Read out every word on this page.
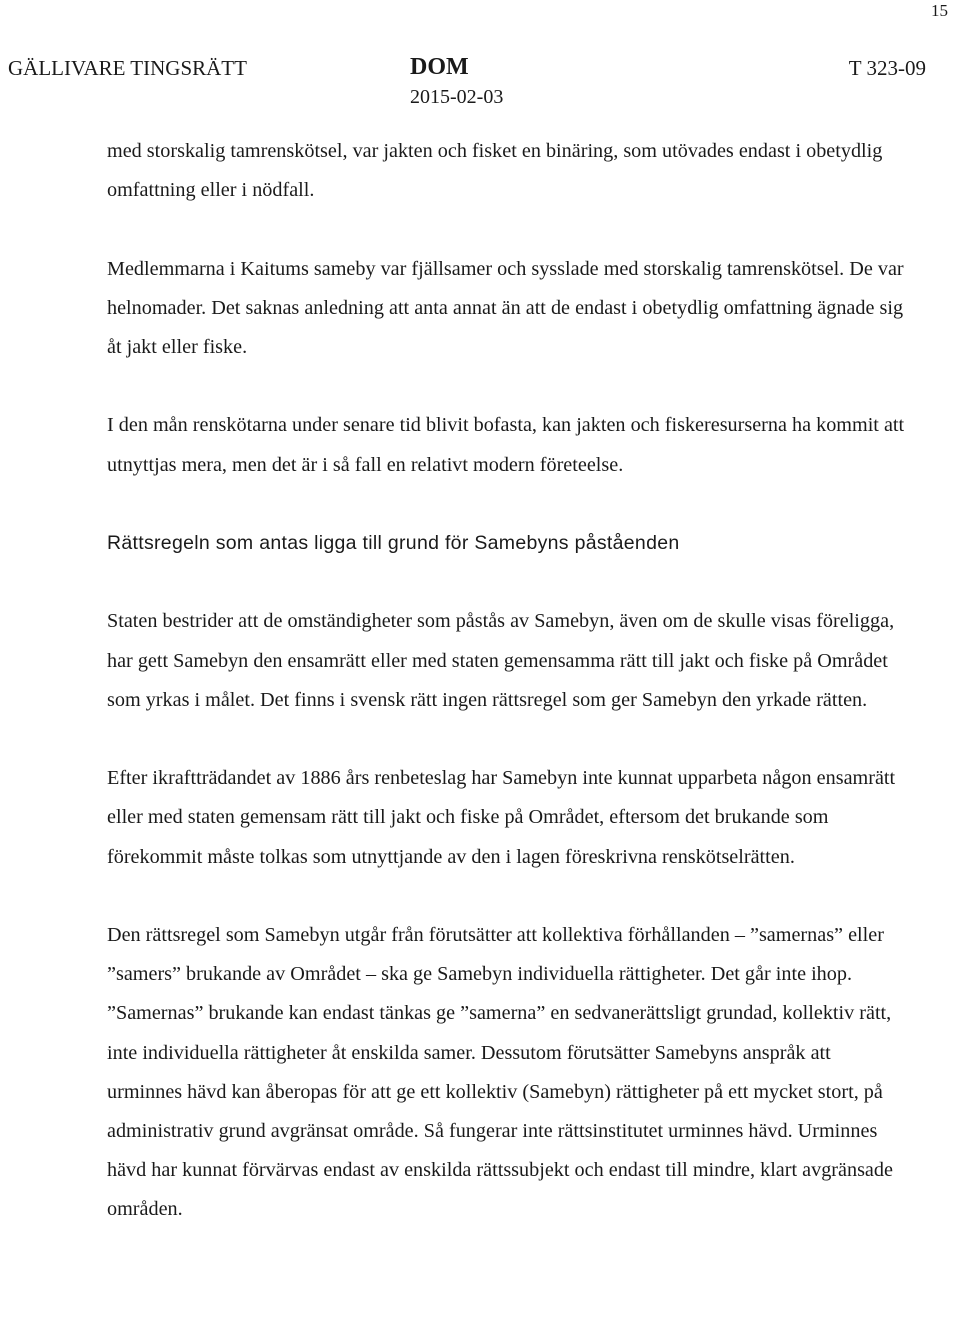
15
GÄLLIVARE TINGSRÄTT	DOM
2015-02-03
T 323-09

med storskalig tamrenskötsel, var jakten och fisket en binäring, som utövades endast i obetydlig omfattning eller i nödfall.

Medlemmarna i Kaitums sameby var fjällsamer och sysslade med storskalig tamrenskötsel. De var helnomader. Det saknas anledning att anta annat än att de endast i obetydlig omfattning ägnade sig åt jakt eller fiske.

I den mån renskötarna under senare tid blivit bofasta, kan jakten och fiskeresurserna ha kommit att utnyttjas mera, men det är i så fall en relativt modern företeelse.

Rättsregeln som antas ligga till grund för Samebyns påståenden

Staten bestrider att de omständigheter som påstås av Samebyn, även om de skulle visas föreligga, har gett Samebyn den ensamrätt eller med staten gemensamma rätt till jakt och fiske på Området som yrkas i målet. Det finns i svensk rätt ingen rättsregel som ger Samebyn den yrkade rätten.

Efter ikraftträdandet av 1886 års renbeteslag har Samebyn inte kunnat upparbeta någon ensamrätt eller med staten gemensam rätt till jakt och fiske på Området, eftersom det brukande som förekommit måste tolkas som utnyttjande av den i lagen föreskrivna renskötselrätten.

Den rättsregel som Samebyn utgår från förutsätter att kollektiva förhållanden – ”samernas” eller ”samers” brukande av Området – ska ge Samebyn individuella rättigheter. Det går inte ihop. ”Samernas” brukande kan endast tänkas ge ”samerna” en sedvanerättsligt grundad, kollektiv rätt, inte individuella rättigheter åt enskilda samer. Dessutom förutsätter Samebyns anspråk att urminnes hävd kan åberopas för att ge ett kollektiv (Samebyn) rättigheter på ett mycket stort, på administrativ grund avgränsat område. Så fungerar inte rättsinstitutet urminnes hävd. Urminnes hävd har kunnat förvärvas endast av enskilda rättssubjekt och endast till mindre, klart avgränsade områden.
